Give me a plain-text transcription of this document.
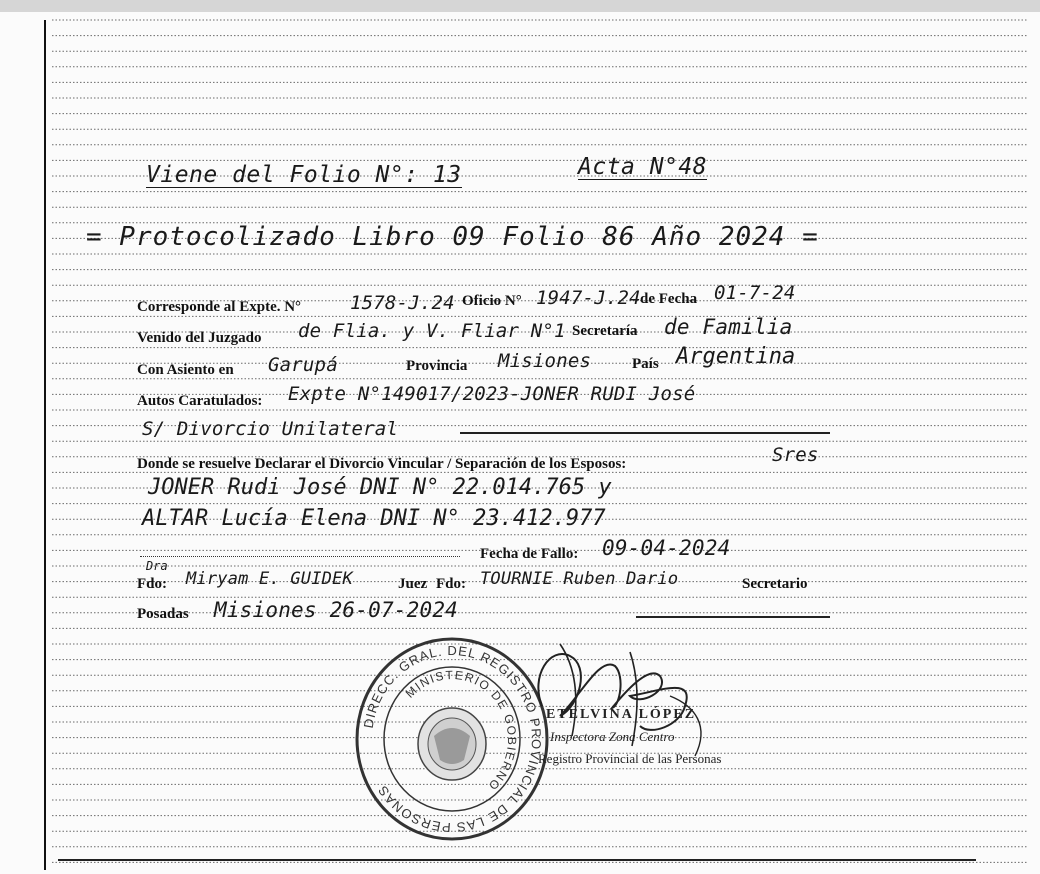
Viene del Folio N°: 13	Acta N°48
= Protocolizado Libro 09 Folio 86 Año 2024 =
Corresponde al Expte. N°	1578-J.24 Oficio N° 1947-J.24 de Fecha 01-7-24
Venido del Juzgado de Flia. y V. Fliar N°1 Secretaría de Familia
Con Asiento en Garupá	Provincia Misiones	País Argentina
Autos Caratulados: Expte N°149017/2023-JONER RUDI José
S/ Divorcio Unilateral
Donde se resuelve Declarar el Divorcio Vincular / Separación de los Esposos:	Sres
JONER Rudi José DNI N° 22.014.765 y
ALTAR Lucía Elena DNI N° 23.412.977
Fecha de Fallo: 09-04-2024
Dra
Fdo: Miryam E. GUIDEK	Juez Fdo: TOURNIE Ruben Dario	Secretario
Posadas Misiones 26-07-2024
DIRECC. GRAL. DEL REGISTRO PROVINCIAL DE LAS PERSONAS
MINISTERIO DE GOBIERNO
ETELVINA LÓPEZ
Inspectora Zona Centro
Registro Provincial de las Personas
